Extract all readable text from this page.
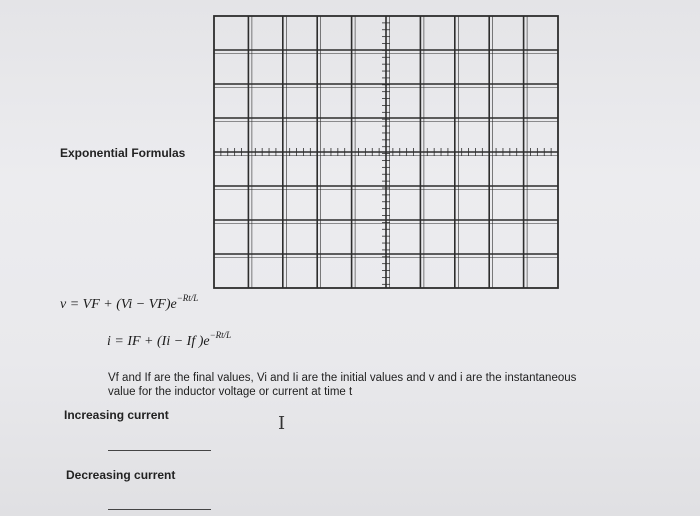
Exponential Formulas
v = VF + $(Vi - VF)e^{-Rt/L}$
i = IF + (Ii − If )$e^{-Rt/L}$
Vf and If are the final values, Vi and Ii are the initial values and v and i are the instantaneous
value for the inductor voltage or current at time t
Increasing current	I
Decreasing current
